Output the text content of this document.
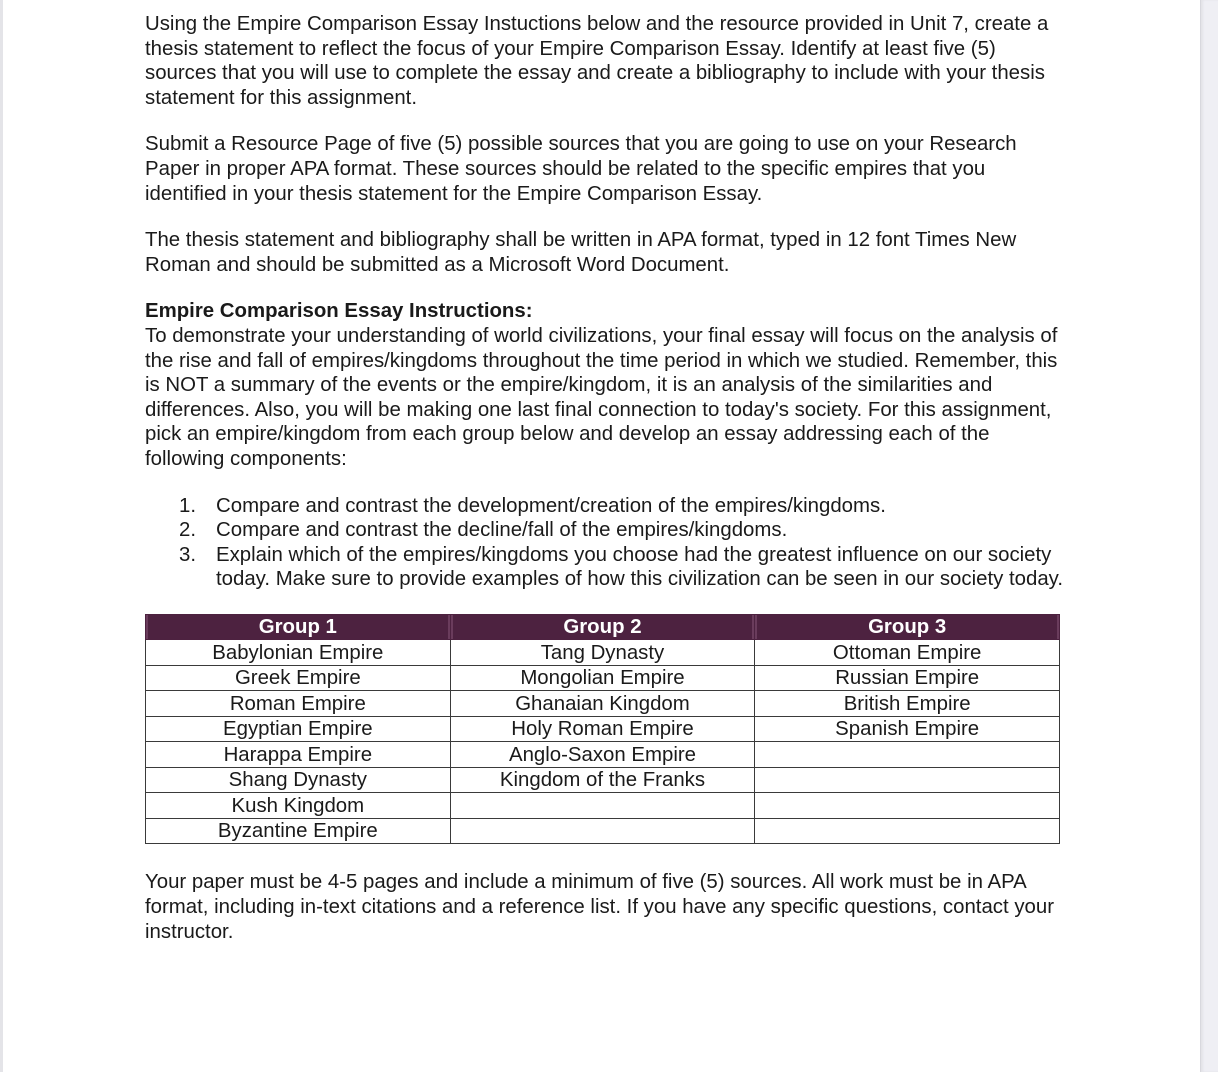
Using the Empire Comparison Essay Instuctions below and the resource provided in Unit 7, create a thesis statement to reflect the focus of your Empire Comparison Essay. Identify at least five (5) sources that you will use to complete the essay and create a bibliography to include with your thesis statement for this assignment.

Submit a Resource Page of five (5) possible sources that you are going to use on your Research Paper in proper APA format. These sources should be related to the specific empires that you identified in your thesis statement for the Empire Comparison Essay.

The thesis statement and bibliography shall be written in APA format, typed in 12 font Times New Roman and should be submitted as a Microsoft Word Document.

Empire Comparison Essay Instructions:
To demonstrate your understanding of world civilizations, your final essay will focus on the analysis of the rise and fall of empires/kingdoms throughout the time period in which we studied. Remember, this is NOT a summary of the events or the empire/kingdom, it is an analysis of the similarities and differences. Also, you will be making one last final connection to today's society. For this assignment, pick an empire/kingdom from each group below and develop an essay addressing each of the following components:

1. Compare and contrast the development/creation of the empires/kingdoms.
2. Compare and contrast the decline/fall of the empires/kingdoms.
3. Explain which of the empires/kingdoms you choose had the greatest influence on our society today. Make sure to provide examples of how this civilization can be seen in our society today.
Group 1	Group 2	Group 3
Babylonian Empire	Tang Dynasty	Ottoman Empire
Greek Empire	Mongolian Empire	Russian Empire
Roman Empire	Ghanaian Kingdom	British Empire
Egyptian Empire	Holy Roman Empire	Spanish Empire
Harappa Empire	Anglo-Saxon Empire	
Shang Dynasty	Kingdom of the Franks	
Kush Kingdom		
Byzantine Empire		

Your paper must be 4-5 pages and include a minimum of five (5) sources. All work must be in APA format, including in-text citations and a reference list. If you have any specific questions, contact your instructor.
